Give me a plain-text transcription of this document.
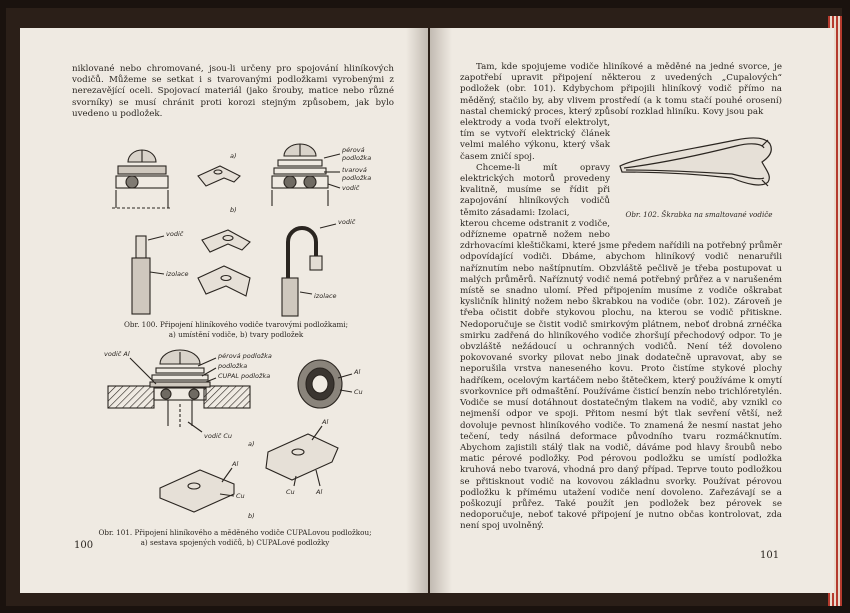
niklované nebo chromované, jsou-li určeny pro spojování hliníkových vodičů. Můžeme se setkat i s tvarovanými podložkami vyrobenými z nerezavějící oceli. Spojovací materiál (jako šrouby, matice nebo různé svorníky) se musí chránit proti korozi stejným způsobem, jak bylo uvedeno u podložek.

a)
b)
pérová
podložka
tvarová
podložka
vodič
vodič
izolace
vodič
izolace
Obr. 100. Připojení hliníkového vodiče tvarovými podložkami;
a) umístění vodiče, b) tvary podložek
vodič Al	pérová podložka
podložka
CUPAL podložka
vodič Cu
Al
Cu
a)
Al
Cu
Al
Cu	Al
b)
Obr. 101. Připojení hliníkového a měděného vodiče CUPALovou podložkou;
a) sestava spojených vodičů, b) CUPALové podložky
100

Tam, kde spojujeme vodiče hliníkové a měděné na jedné svorce, je zapotřebí upravit připojení některou z uvedených „Cupalových“ podložek (obr. 101). Kdybychom připojili hliníkový vodič přímo na měděný, stačilo by, aby vlivem prostředí (a k tomu stačí pouhé orosení) nastal chemický proces, který způsobí rozklad hliníku. Kovy jsou pak

Obr. 102. Škrabka na smaltované vodiče

elektrody a voda tvoří elektrolyt, tím se vytvoří elektrický článek velmi malého výkonu, který však časem zničí spoj.

Chceme-li mít opravy elektrických motorů provedeny kvalitně, musíme se řídit při zapojování hliníkových vodičů těmito zásadami: Izolaci,

kterou chceme odstranit z vodiče, odřízneme opatrně nožem nebo zdrhovacími kleštičkami, které jsme předem nařídili na potřebný průměr odpovídající vodiči. Dbáme, abychom hliníkový vodič nenaruřili naříznutím nebo naštípnutím. Obzvláště pečlivě je třeba postupovat u malých průměrů. Naříznutý vodič nemá potřebný průřez a v narušeném místě se snadno ulomí. Před připojením musíme z vodiče oškrabat kysličník hlinitý nožem nebo škrabkou na vodiče (obr. 102). Zároveň je třeba očistit dobře stykovou plochu, na kterou se vodič přitiskne. Nedoporučuje se čistit vodič smirkovým plátnem, neboť drobná zrnéčka smirku zadřená do hliníkového vodiče zhoršují přechodový odpor. To je obvzláště nežádoucí u ochranných vodičů. Není též dovoleno pokovované svorky pilovat nebo jinak dodatečně upravovat, aby se neporušila vrstva naneseného kovu. Proto čistíme stykové plochy hadříkem, ocelovým kartáčem nebo štětečkem, který používáme k omytí svorkovnice při odmaštění. Používáme čisticí benzín nebo trichlóretylén. Vodiče se musí dotáhnout dostatečným tlakem na vodič, aby vznikl co nejmenší odpor ve spoji. Přitom nesmí být tlak sevření větší, než dovoluje pevnost hliníkového vodiče. To znamená že nesmí nastat jeho tečení, tedy násilná deformace původního tvaru rozmáčknutím. Abychom zajistili stálý tlak na vodič, dáváme pod hlavy šroubů nebo matic pérové podložky. Pod pérovou podložku se umístí podložka kruhová nebo tvarová, vhodná pro daný případ. Teprve touto podložkou se přitisknout vodič na kovovou základnu svorky. Používat pérovou podložku k přímému utažení vodiče není dovoleno. Zařezávají se a poškozují průřez. Také použít jen podložek bez pérovek se nedoporučuje, neboť takové připojení je nutno občas kontrolovat, zda není spoj uvolněný.

101
